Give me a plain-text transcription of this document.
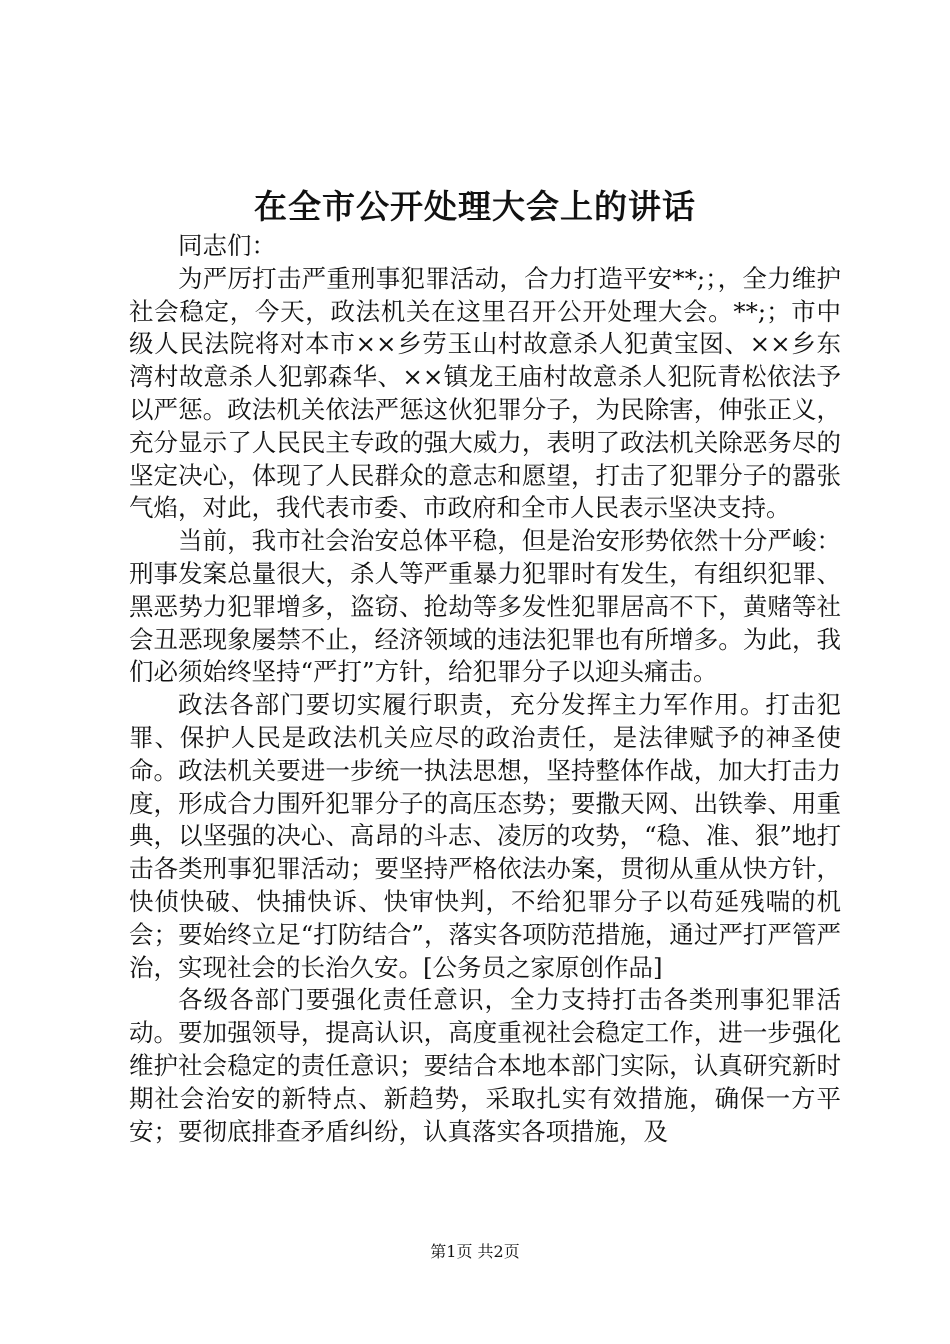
在全市公开处理大会上的讲话

同志们：

为严厉打击严重刑事犯罪活动，合力打造平安**;；，全力维护社会稳定，今天，政法机关在这里召开公开处理大会。**;；市中级人民法院将对本市××乡劳玉山村故意杀人犯黄宝囡、××乡东湾村故意杀人犯郭森华、××镇龙王庙村故意杀人犯阮青松依法予以严惩。政法机关依法严惩这伙犯罪分子，为民除害，伸张正义，充分显示了人民民主专政的强大威力，表明了政法机关除恶务尽的坚定决心，体现了人民群众的意志和愿望，打击了犯罪分子的嚣张气焰，对此，我代表市委、市政府和全市人民表示坚决支持。

当前，我市社会治安总体平稳，但是治安形势依然十分严峻：刑事发案总量很大，杀人等严重暴力犯罪时有发生，有组织犯罪、黑恶势力犯罪增多，盗窃、抢劫等多发性犯罪居高不下，黄赌等社会丑恶现象屡禁不止，经济领域的违法犯罪也有所增多。为此，我们必须始终坚持“严打”方针，给犯罪分子以迎头痛击。

政法各部门要切实履行职责，充分发挥主力军作用。打击犯罪、保护人民是政法机关应尽的政治责任，是法律赋予的神圣使命。政法机关要进一步统一执法思想，坚持整体作战，加大打击力度，形成合力围歼犯罪分子的高压态势；要撒天网、出铁拳、用重典，以坚强的决心、高昂的斗志、凌厉的攻势，“稳、准、狠”地打击各类刑事犯罪活动；要坚持严格依法办案，贯彻从重从快方针，快侦快破、快捕快诉、快审快判，不给犯罪分子以苟延残喘的机会；要始终立足“打防结合”，落实各项防范措施，通过严打严管严治，实现社会的长治久安。[公务员之家原创作品]

各级各部门要强化责任意识，全力支持打击各类刑事犯罪活动。要加强领导，提高认识，高度重视社会稳定工作，进一步强化维护社会稳定的责任意识；要结合本地本部门实际，认真研究新时期社会治安的新特点、新趋势，采取扎实有效措施，确保一方平安；要彻底排查矛盾纠纷，认真落实各项措施，及

第1页 共2页
